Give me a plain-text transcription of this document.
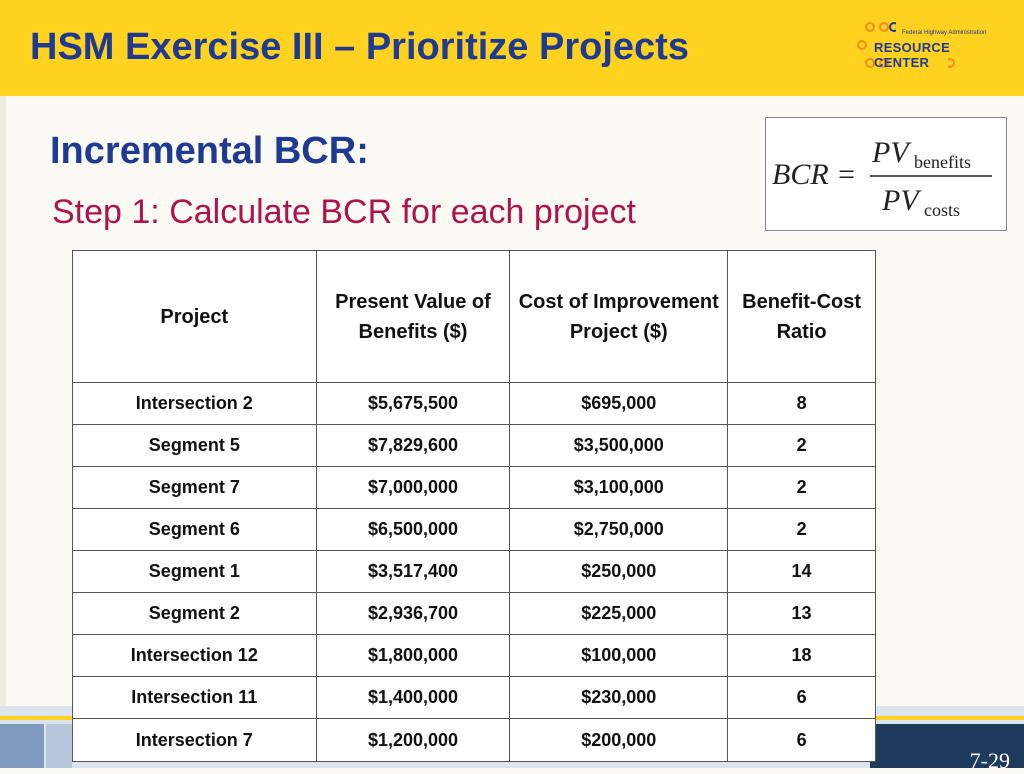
HSM Exercise III – Prioritize Projects	Federal Highway Administration
RESOURCE CENTER
Incremental BCR:

Step 1: Calculate BCR for each project

BCR =
PV benefits
PV costs
7-29
Project	Present Value of Benefits ($)	Cost of Improvement Project ($)	Benefit-Cost Ratio
Intersection 2	$5,675,500	$695,000	8
Segment 5	$7,829,600	$3,500,000	2
Segment 7	$7,000,000	$3,100,000	2
Segment 6	$6,500,000	$2,750,000	2
Segment 1	$3,517,400	$250,000	14
Segment 2	$2,936,700	$225,000	13
Intersection 12	$1,800,000	$100,000	18
Intersection 11	$1,400,000	$230,000	6
Intersection 7	$1,200,000	$200,000	6
